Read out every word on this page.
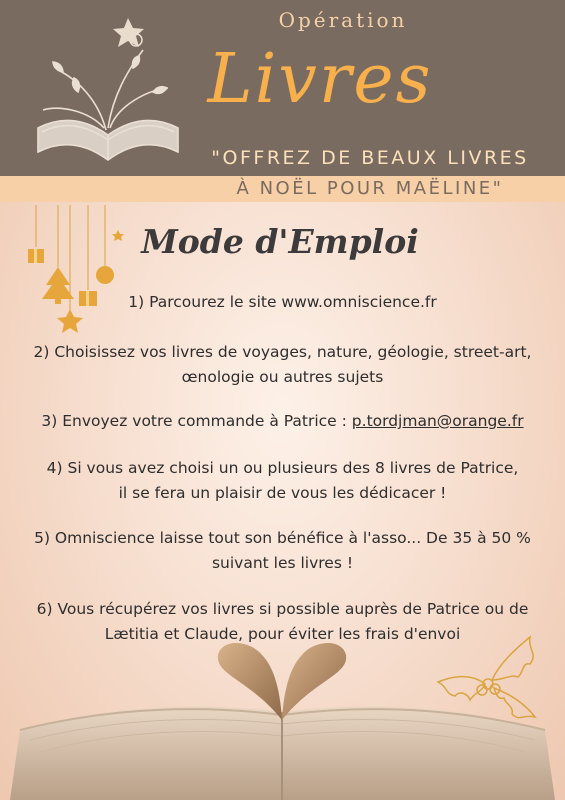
Opération
Livres
"OFFREZ DE BEAUX LIVRES
À NOËL POUR MAËLINE"
Mode d'Emploi
1) Parcourez le site www.omniscience.fr
2) Choisissez vos livres de voyages, nature, géologie, street-art,
œnologie ou autres sujets
3) Envoyez votre commande à Patrice : p.tordjman@orange.fr
4) Si vous avez choisi un ou plusieurs des 8 livres de Patrice,
il se fera un plaisir de vous les dédicacer !
5) Omniscience laisse tout son bénéfice à l'asso... De 35 à 50 %
suivant les livres !
6) Vous récupérez vos livres si possible auprès de Patrice ou de
Lætitia et Claude, pour éviter les frais d'envoi
